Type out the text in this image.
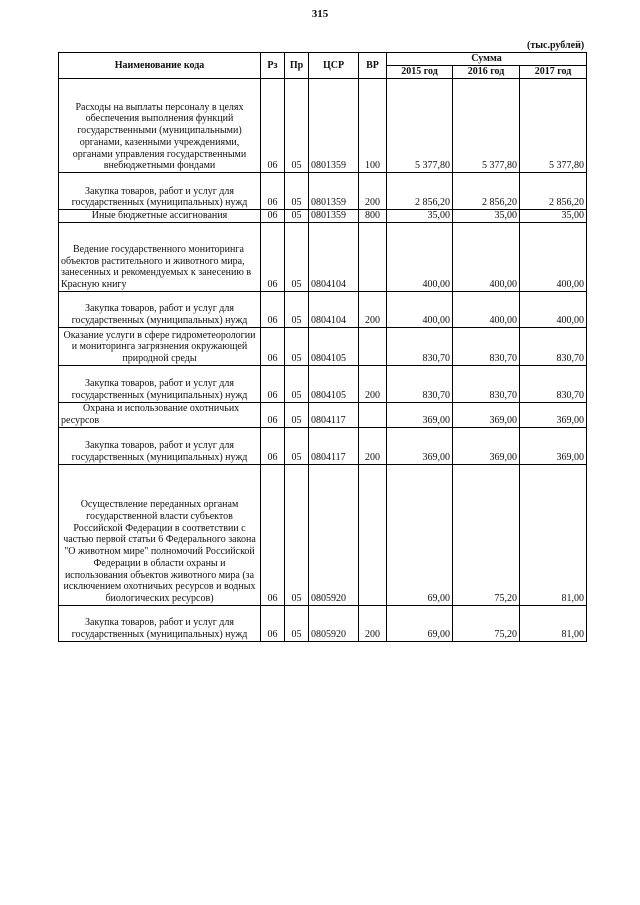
315
(тыс.рублей)
Наименование кода	Рз	Пр	ЦСР	ВР	Сумма		
					2015 год	2016 год	2017 год
Расходы на выплаты персоналу в целях обеспечения выполнения функций государственными (муниципальными) органами, казенными учреждениями, органами управления государственными внебюджетными фондами	06	05	0801359	100	5 377,80	5 377,80	5 377,80
Закупка товаров, работ и услуг для государственных (муниципальных) нужд	06	05	0801359	200	2 856,20	2 856,20	2 856,20
Иные бюджетные ассигнования	06	05	0801359	800	35,00	35,00	35,00
Ведение государственного мониторинга объектов растительного и животного мира, занесенных и рекомендуемых к занесению в Красную книгу	06	05	0804104		400,00	400,00	400,00
Закупка товаров, работ и услуг для государственных (муниципальных) нужд	06	05	0804104	200	400,00	400,00	400,00
Оказание услуги в сфере гидрометеорологии и мониторинга загрязнения окружающей природной среды	06	05	0804105		830,70	830,70	830,70
Закупка товаров, работ и услуг для государственных (муниципальных) нужд	06	05	0804105	200	830,70	830,70	830,70
Охрана и использование охотничьих ресурсов	06	05	0804117		369,00	369,00	369,00
Закупка товаров, работ и услуг для государственных (муниципальных) нужд	06	05	0804117	200	369,00	369,00	369,00
Осуществление переданных органам государственной власти субъектов Российской Федерации в соответствии с частью первой статьи 6 Федерального закона "О животном мире" полномочий Российской Федерации в области охраны и использования объектов животного мира (за исключением охотничьих ресурсов и водных биологических ресурсов)	06	05	0805920		69,00	75,20	81,00
Закупка товаров, работ и услуг для государственных (муниципальных) нужд	06	05	0805920	200	69,00	75,20	81,00
